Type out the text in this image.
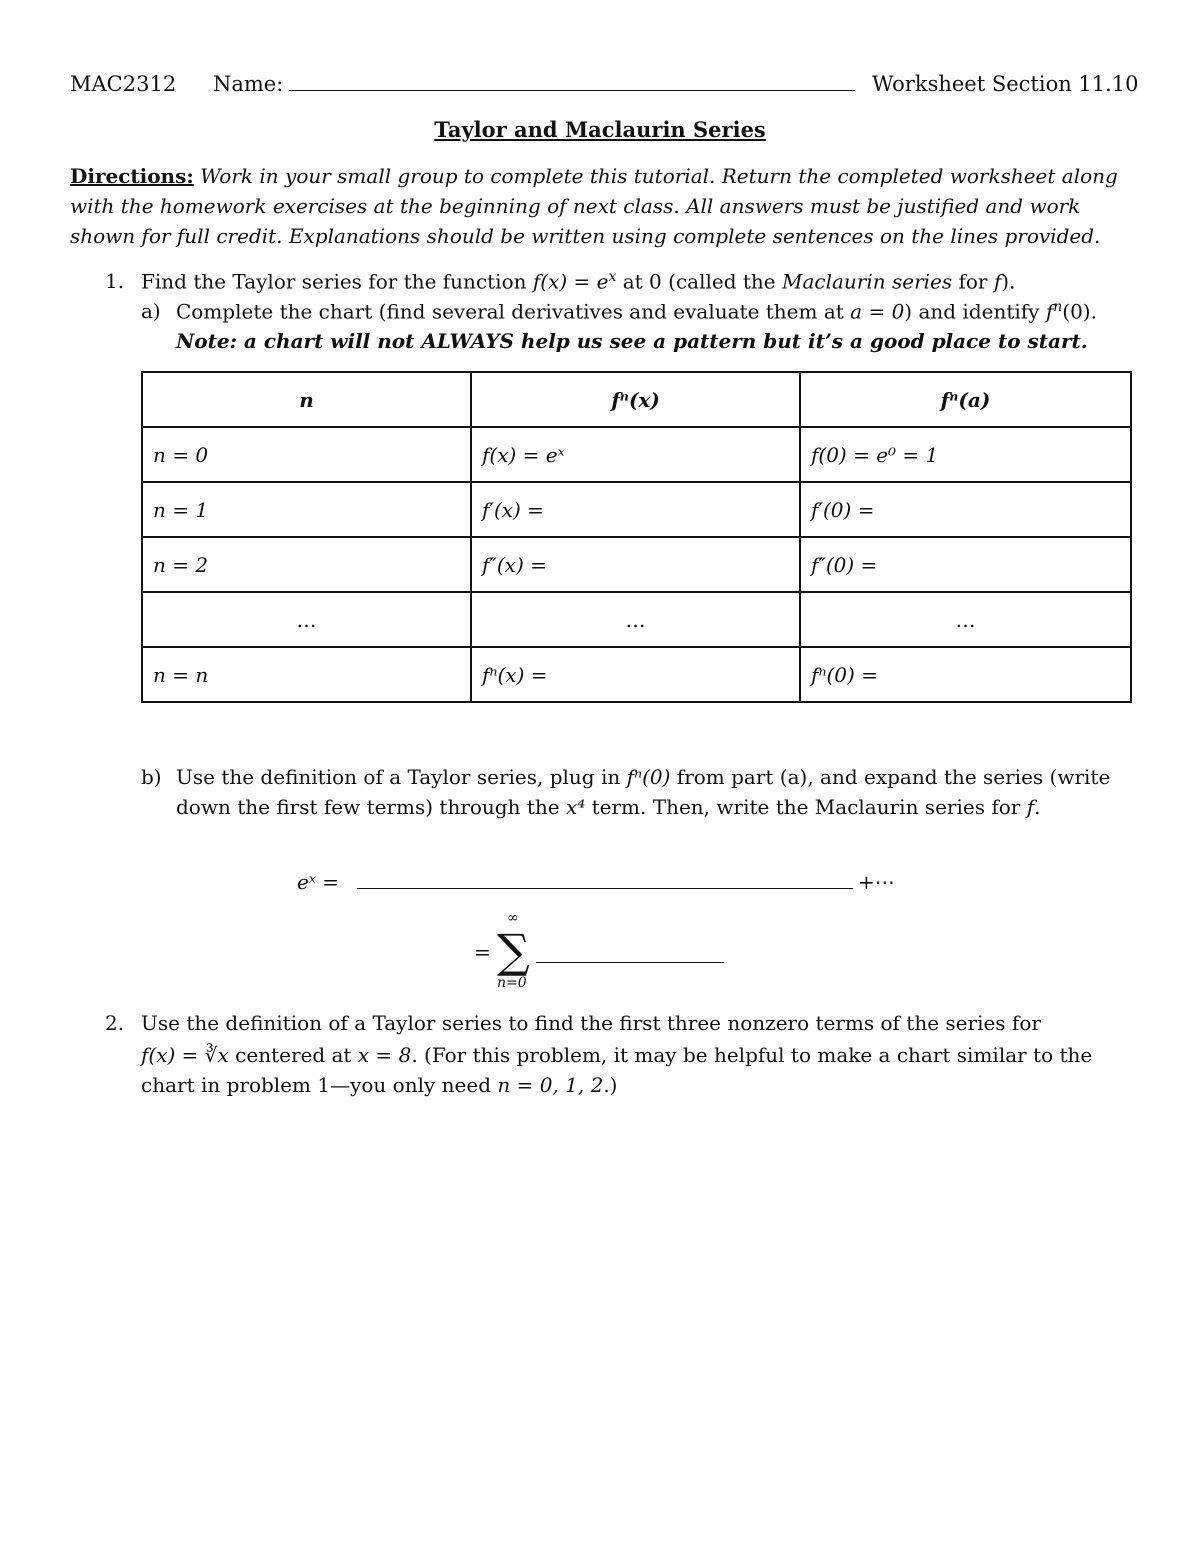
MAC2312 Name:	Worksheet Section 11.10
Taylor and Maclaurin Series
Directions: Work in your small group to complete this tutorial. Return the completed worksheet along with the homework exercises at the beginning of next class. All answers must be justified and work shown for full credit. Explanations should be written using complete sentences on the lines provided.
1. Find the Taylor series for the function $f(x) = e^x$ at 0 (called the Maclaurin series for f).
a) Complete the chart (find several derivatives and evaluate them at a = 0) and identify $f^n(0)$.
Note: a chart will not ALWAYS help us see a pattern but it’s a good place to start.
n	fⁿ(x)	fⁿ(a)
n = 0	f(x) = eˣ	f(0) = e⁰ = 1
n = 1	f′(x) =	f′(0) =
n = 2	f″(x) =	f″(0) =
…	…	…
n = n	fⁿ(x) =	fⁿ(0) =
b) Use the definition of a Taylor series, plug in fⁿ(0) from part (a), and expand the series (write
down the first few terms) through the x⁴ term. Then, write the Maclaurin series for f.
eˣ =	+⋯
=
∞
∑
n=0
2. Use the definition of a Taylor series to find the first three nonzero terms of the series for
f(x) = ∛x centered at x = 8. (For this problem, it may be helpful to make a chart similar to the
chart in problem 1—you only need n = 0, 1, 2.)
